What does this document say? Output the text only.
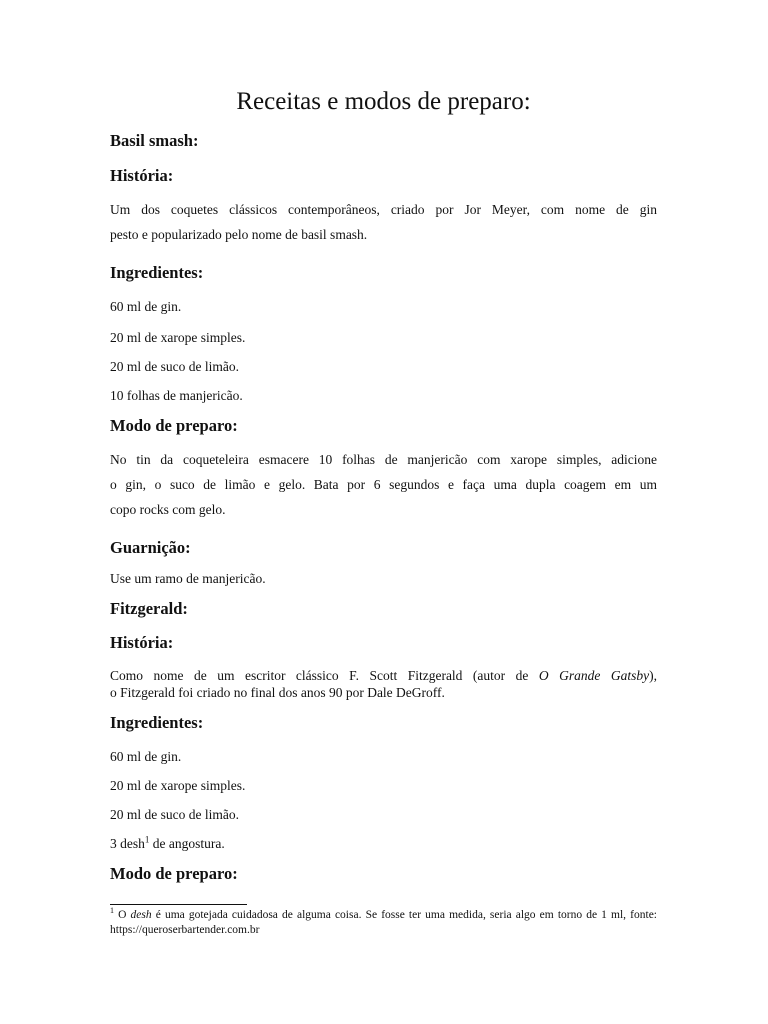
Receitas e modos de preparo:
Basil smash:
História:
Um dos coquetes clássicos contemporâneos, criado por Jor Meyer, com nome de gin
pesto e popularizado pelo nome de basil smash.
Ingredientes:
60 ml de gin.
20 ml de xarope simples.
20 ml de suco de limão.
10 folhas de manjericão.
Modo de preparo:
No tin da coqueteleira esmacere 10 folhas de manjericão com xarope simples, adicione
o gin, o suco de limão e gelo. Bata por 6 segundos e faça uma dupla coagem em um
copo rocks com gelo.
Guarnição:
Use um ramo de manjericão.
Fitzgerald:
História:
Como nome de um escritor clássico F. Scott Fitzgerald (autor de O Grande Gatsby),
o Fitzgerald foi criado no final dos anos 90 por Dale DeGroff.
Ingredientes:
60 ml de gin.
20 ml de xarope simples.
20 ml de suco de limão.
3 desh$^1$ de angostura.
Modo de preparo:
$^1$ O desh é uma gotejada cuidadosa de alguma coisa. Se fosse ter uma medida, seria algo em torno de 1 ml, fonte: https://queroserbartender.com.br
